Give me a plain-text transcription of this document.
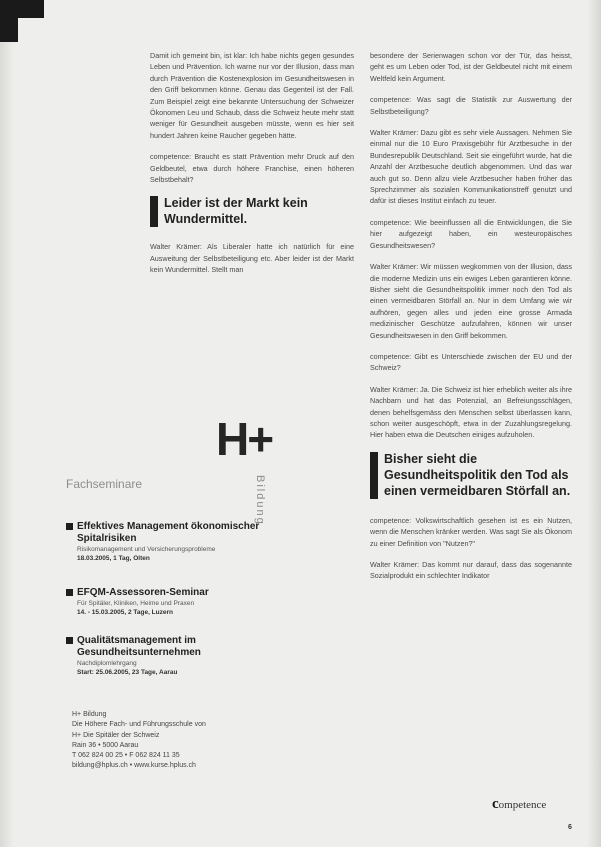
Damit ich gemeint bin, ist klar: Ich habe nichts gegen gesundes Leben und Prävention. Ich warne nur vor der Illusion, dass man durch Prävention die Kostenexplosion im Gesundheitswesen in den Griff bekommen könne. Genau das Gegenteil ist der Fall. Zum Beispiel zeigt eine bekannte Untersuchung der Schweizer Ökonomen Leu und Schaub, dass die Schweiz heute mehr statt weniger für Gesundheit ausgeben müsste, wenn es hier seit hundert Jahren keine Raucher gegeben hätte.

competence: Braucht es statt Prävention mehr Druck auf den Geldbeutel, etwa durch höhere Franchise, einen höheren Selbstbehalt?

Leider ist der Markt kein Wundermittel.

Walter Krämer: Als Liberaler hatte ich natürlich für eine Ausweitung der Selbstbeteiligung etc. Aber leider ist der Markt kein Wundermittel. Stellt man

besondere der Serienwagen schon vor der Tür, das heisst, geht es um Leben oder Tod, ist der Geldbeutel nicht mit einem Weltfeld kein Argument.

competence: Was sagt die Statistik zur Auswertung der Selbstbeteiligung?

Walter Krämer: Dazu gibt es sehr viele Aussagen. Nehmen Sie einmal nur die 10 Euro Praxisgebühr für Arztbesuche in der Bundesrepublik Deutschland. Seit sie eingeführt wurde, hat die Anzahl der Arztbesuche deutlich abgenommen. Und das war auch gut so. Denn allzu viele Arztbesucher haben früher das Sprechzimmer als sozialen Kommunikationstreff genutzt und dafür ist dieses Institut einfach zu teuer.

competence: Wie beeinflussen all die Entwicklungen, die Sie hier aufgezeigt haben, ein westeuropäisches Gesundheitswesen?

Walter Krämer: Wir müssen wegkommen von der Illusion, dass die moderne Medizin uns ein ewiges Leben garantieren könne. Bisher sieht die Gesundheitspolitik immer noch den Tod als einen vermeidbaren Störfall an. Nur in dem Umfang wie wir aufhören, gegen alles und jeden eine grosse Armada medizinischer Geschütze aufzufahren, können wir unser Gesundheitswesen in den Griff bekommen.

competence: Gibt es Unterschiede zwischen der EU und der Schweiz?

Walter Krämer: Ja. Die Schweiz ist hier erheblich weiter als ihre Nachbarn und hat das Potenzial, an Befreiungsschlägen, denen behelfsgemäss den Menschen selbst überlassen kann, schon weiter ausgeschöpft, etwa in der Zuzahlungsregelung. Hier haben etwa die Deutschen einiges aufzuholen.

Bisher sieht die Gesundheitspolitik den Tod als einen vermeidbaren Störfall an.

competence: Volkswirtschaftlich gesehen ist es ein Nutzen, wenn die Menschen kränker werden. Was sagt Sie als Ökonom zu einer Definition von "Nutzen?"

Walter Krämer: Das kommt nur darauf, dass das sogenannte Sozialprodukt ein schlechter Indikator

H+
Bildung
Fachseminare
Effektives Management ökonomischer Spitalrisiken
Risikomanagement und Versicherungsprobleme
18.03.2005, 1 Tag, Olten
EFQM-Assessoren-Seminar
Für Spitäler, Kliniken, Heime und Praxen
14. - 15.03.2005, 2 Tage, Luzern
Qualitätsmanagement im Gesundheitsunternehmen
Nachdiplomlehrgang
Start: 25.06.2005, 23 Tage, Aarau
H+ Bildung
Die Höhere Fach- und Führungsschule von
H+ Die Spitäler der Schweiz
Rain 36 • 5000 Aarau
T 062 824 00 25 • F 062 824 11 35
bildung@hplus.ch • www.kurse.hplus.ch
competence
6
